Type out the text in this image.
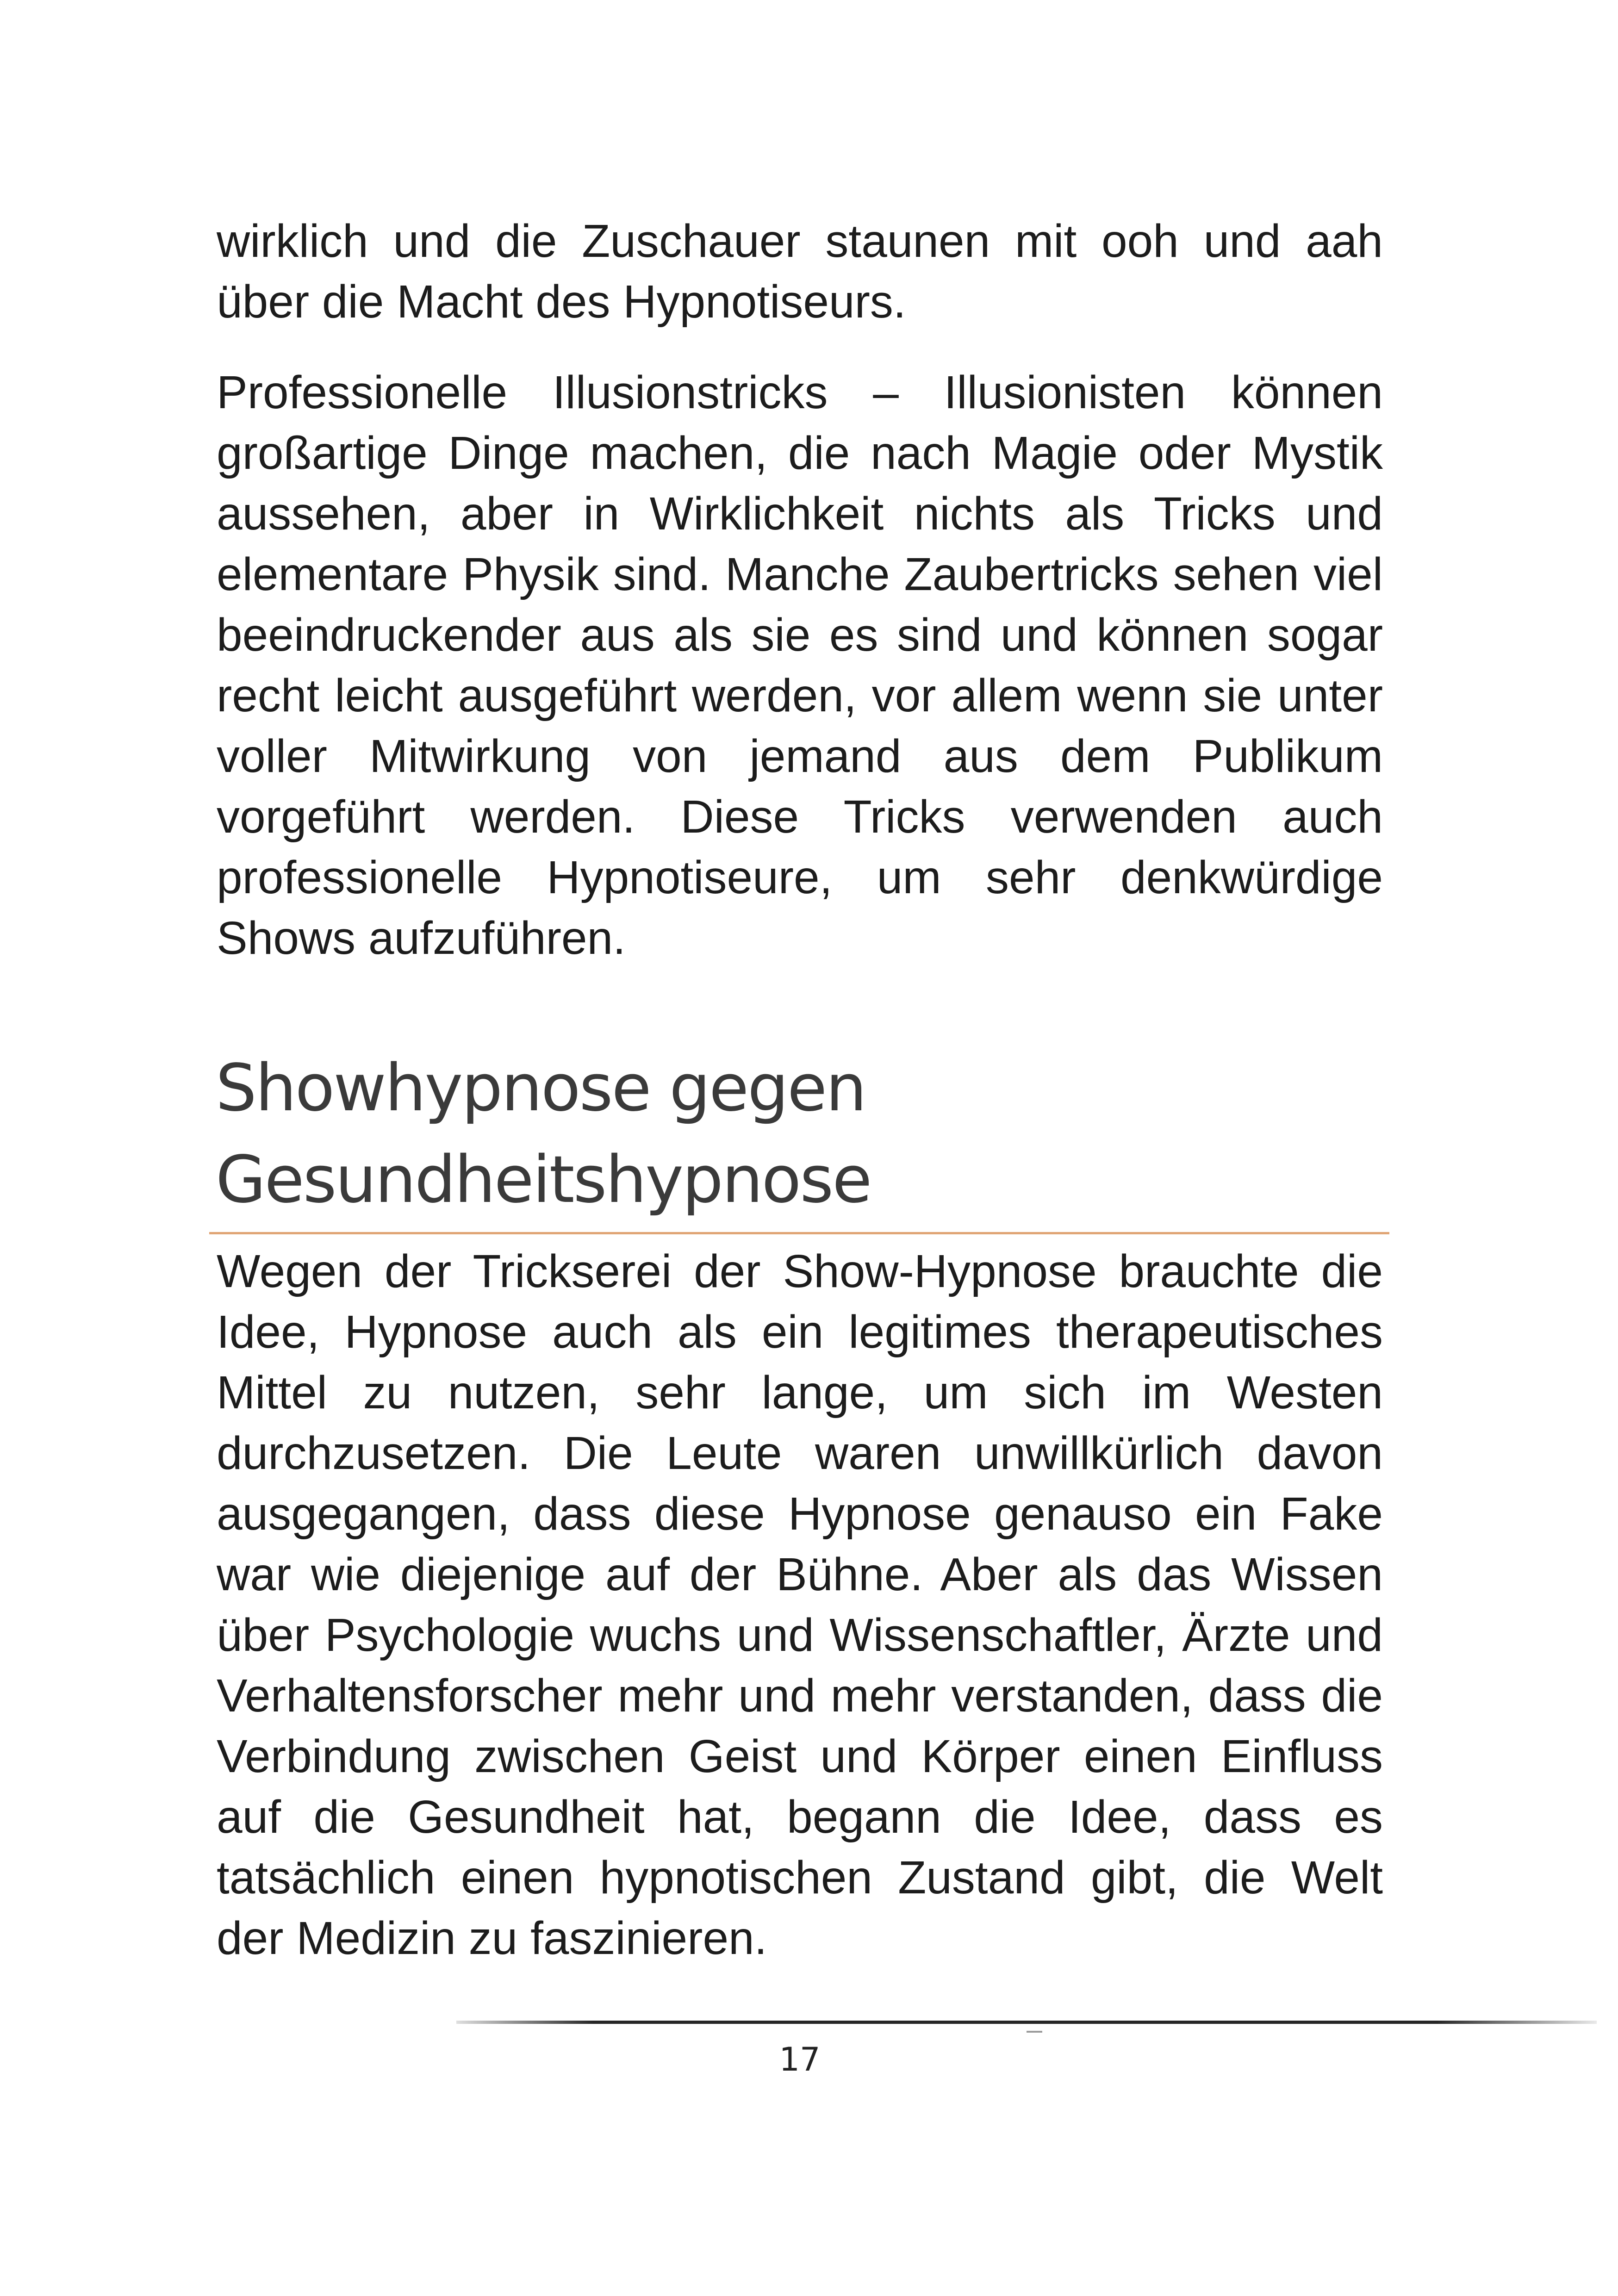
wirklich und die Zuschauer staunen mit ooh und aah über die Macht des Hypnotiseurs.

Professionelle Illusionstricks – Illusionisten können großartige Dinge machen, die nach Magie oder Mystik aussehen, aber in Wirklichkeit nichts als Tricks und elementare Physik sind. Manche Zaubertricks sehen viel beeindruckender aus als sie es sind und können sogar recht leicht ausgeführt werden, vor allem wenn sie unter voller Mitwirkung von jemand aus dem Publikum vorgeführt werden. Diese Tricks verwenden auch professionelle Hypnotiseure, um sehr denkwürdige Shows aufzuführen.

Showhypnose gegen
Gesundheitshypnose

Wegen der Trickserei der Show-Hypnose brauchte die Idee, Hypnose auch als ein legitimes therapeutisches Mittel zu nutzen, sehr lange, um sich im Westen durchzusetzen. Die Leute waren unwillkürlich davon ausgegangen, dass diese Hypnose genauso ein Fake war wie diejenige auf der Bühne. Aber als das Wissen über Psychologie wuchs und Wissenschaftler, Ärzte und Verhaltensforscher mehr und mehr verstanden, dass die Verbindung zwischen Geist und Körper einen Einfluss auf die Gesundheit hat, begann die Idee, dass es tatsächlich einen hypnotischen Zustand gibt, die Welt der Medizin zu faszinieren.

17
